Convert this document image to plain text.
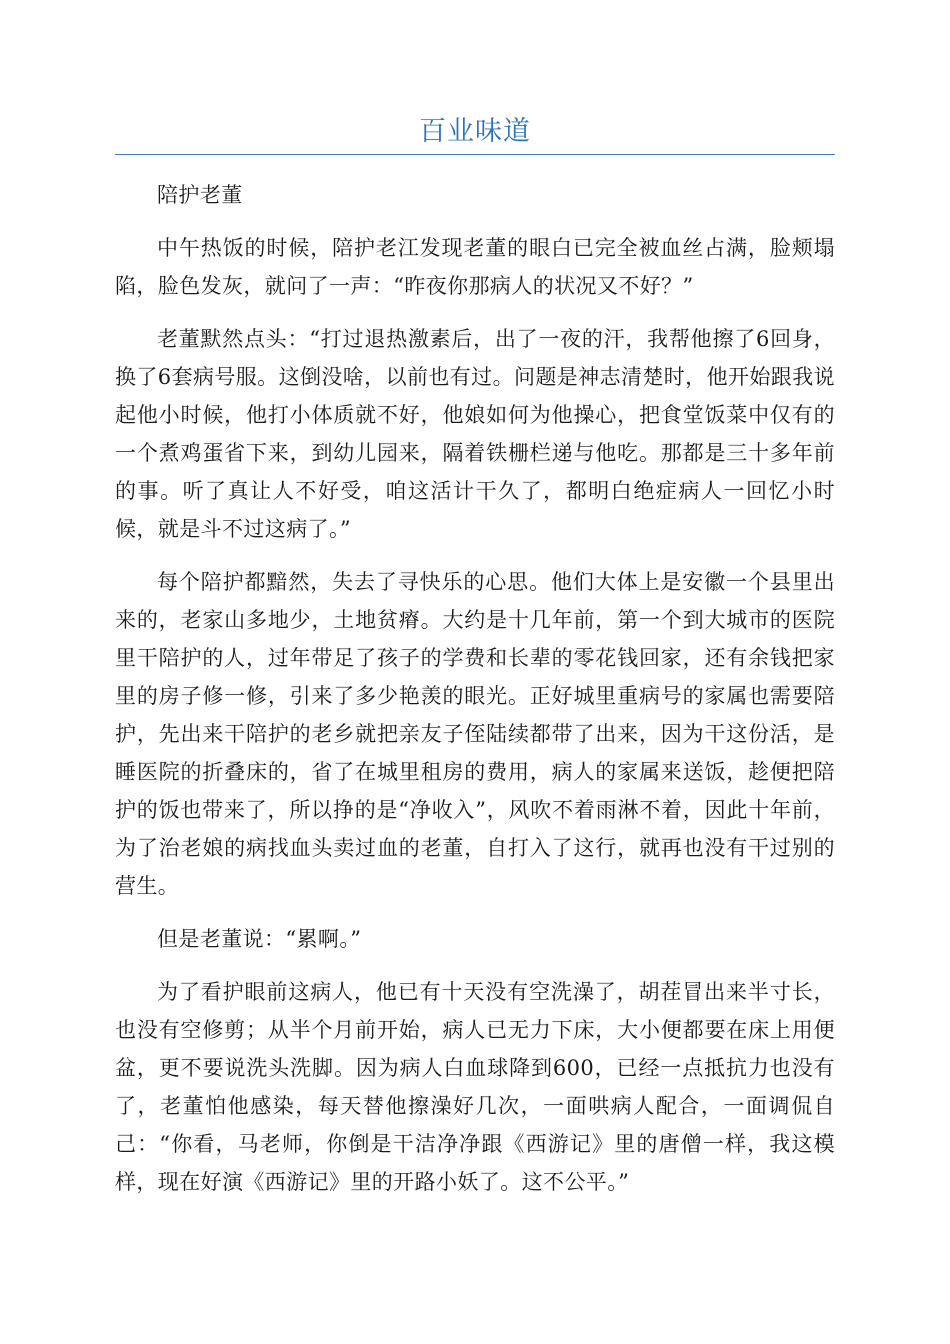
百业味道

陪护老董

中午热饭的时候，陪护老江发现老董的眼白已完全被血丝占满，脸颊塌陷，脸色发灰，就问了一声：“昨夜你那病人的状况又不好？”

老董默然点头：“打过退热激素后，出了一夜的汗，我帮他擦了6回身，换了6套病号服。这倒没啥，以前也有过。问题是神志清楚时，他开始跟我说起他小时候，他打小体质就不好，他娘如何为他操心，把食堂饭菜中仅有的一个煮鸡蛋省下来，到幼儿园来，隔着铁栅栏递与他吃。那都是三十多年前的事。听了真让人不好受，咱这活计干久了，都明白绝症病人一回忆小时候，就是斗不过这病了。”

每个陪护都黯然，失去了寻快乐的心思。他们大体上是安徽一个县里出来的，老家山多地少，土地贫瘠。大约是十几年前，第一个到大城市的医院里干陪护的人，过年带足了孩子的学费和长辈的零花钱回家，还有余钱把家里的房子修一修，引来了多少艳羡的眼光。正好城里重病号的家属也需要陪护，先出来干陪护的老乡就把亲友子侄陆续都带了出来，因为干这份活，是睡医院的折叠床的，省了在城里租房的费用，病人的家属来送饭，趁便把陪护的饭也带来了，所以挣的是“净收入”，风吹不着雨淋不着，因此十年前，为了治老娘的病找血头卖过血的老董，自打入了这行，就再也没有干过别的营生。

但是老董说：“累啊。”

为了看护眼前这病人，他已有十天没有空洗澡了，胡茬冒出来半寸长，也没有空修剪；从半个月前开始，病人已无力下床，大小便都要在床上用便盆，更不要说洗头洗脚。因为病人白血球降到600，已经一点抵抗力也没有了，老董怕他感染，每天替他擦澡好几次，一面哄病人配合，一面调侃自己：“你看，马老师，你倒是干洁净净跟《西游记》里的唐僧一样，我这模样，现在好演《西游记》里的开路小妖了。这不公平。”
